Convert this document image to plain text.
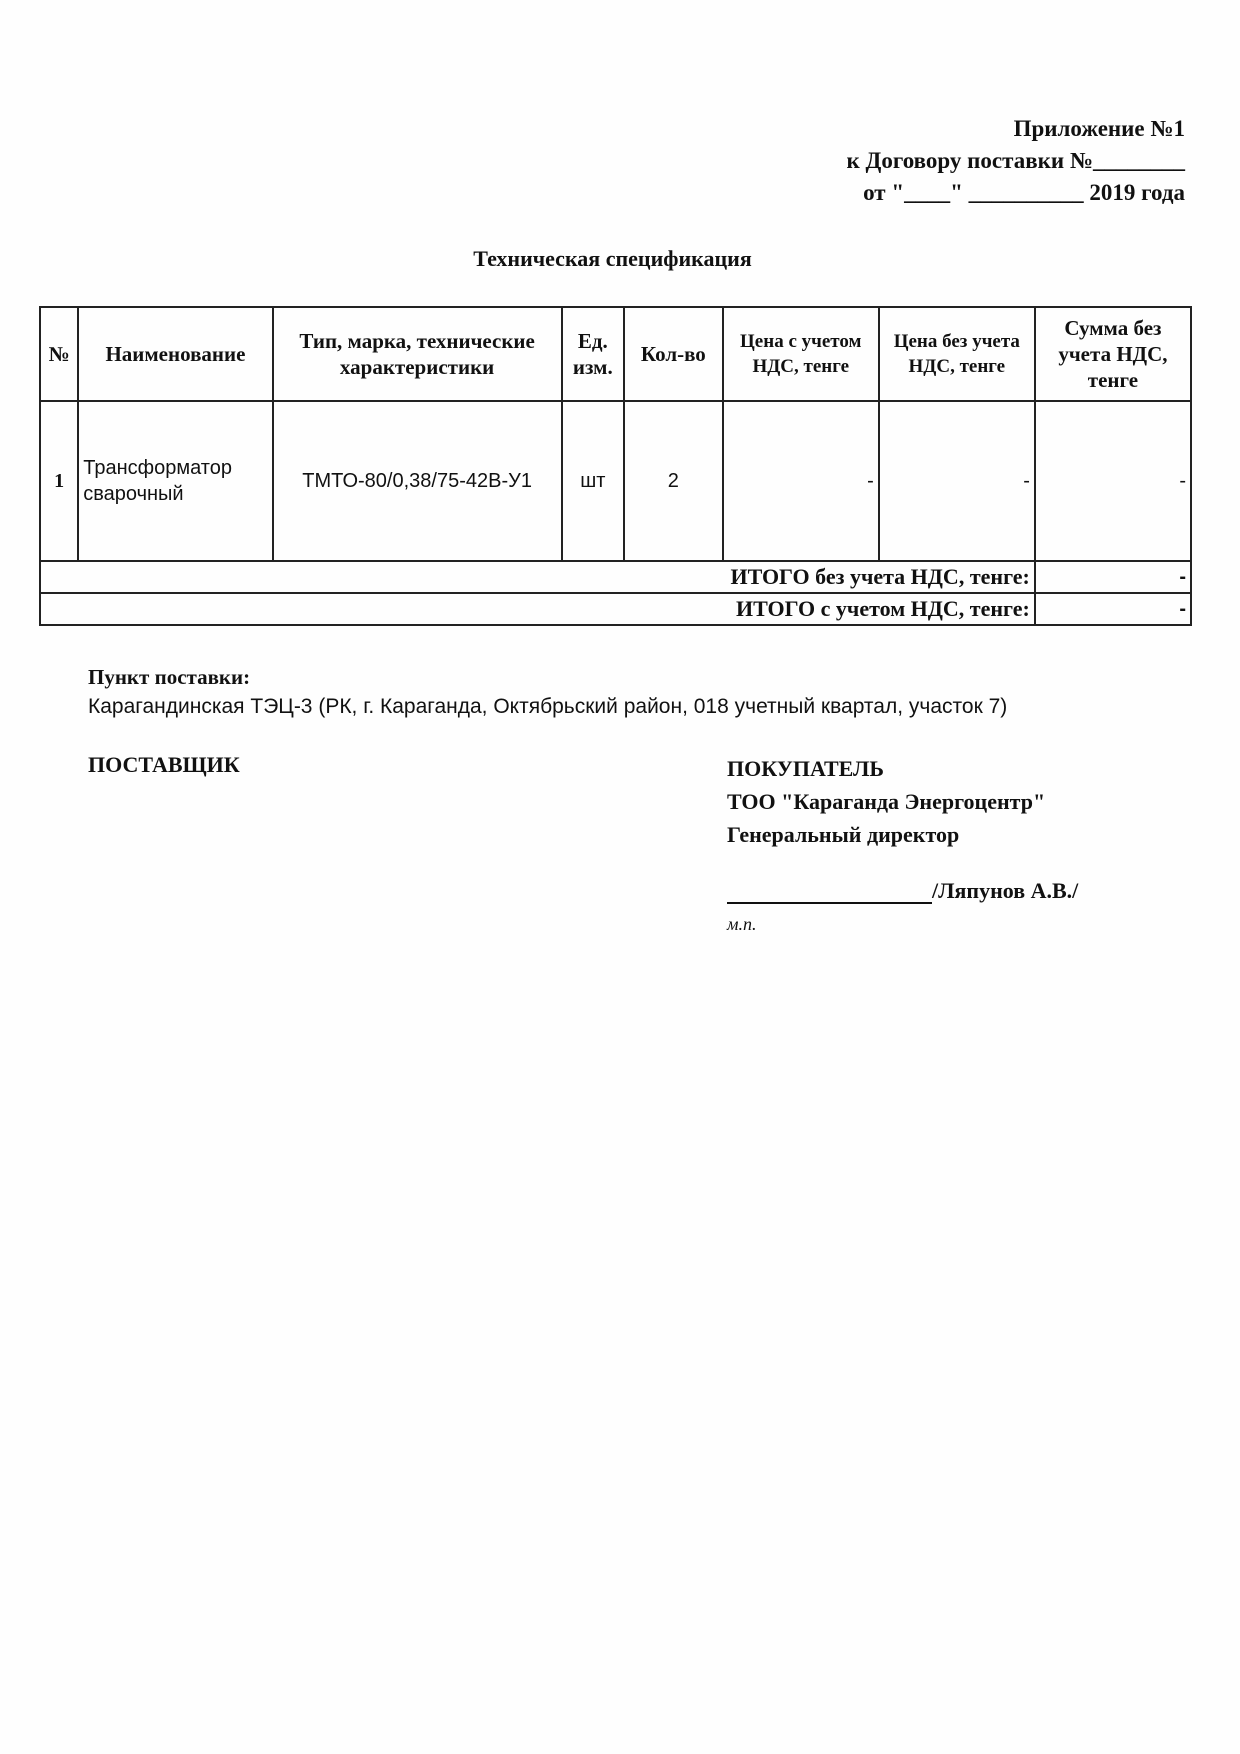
Приложение №1
к Договору поставки №________
от "____" __________ 2019 года
Техническая спецификация
№	Наименование	Тип, марка, технические характеристики	Ед. изм.	Кол-во	Цена с учетом НДС, тенге	Цена без учета НДС, тенге	Сумма без учета НДС, тенге
1	Трансформатор сварочный	ТМТО-80/0,38/75-42В-У1	шт	2	-	-	-
ИТОГО без учета НДС, тенге:							-
ИТОГО с учетом НДС, тенге:							-
Пункт поставки:
Карагандинская ТЭЦ-3 (РК, г. Караганда, Октябрьский район, 018 учетный квартал, участок 7)
ПОСТАВЩИК	ПОКУПАТЕЛЬ
ТОО "Караганда Энергоцентр"
Генеральный директор
/Ляпунов А.В./
м.п.
